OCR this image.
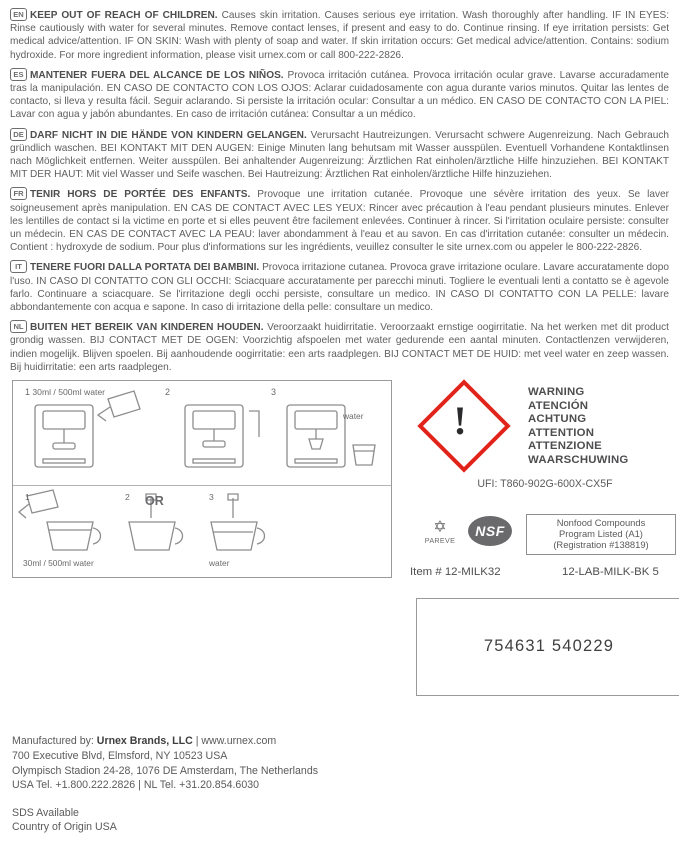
EN KEEP OUT OF REACH OF CHILDREN. Causes skin irritation. Causes serious eye irritation. Wash thoroughly after handling. IF IN EYES: Rinse cautiously with water for several minutes. Remove contact lenses, if present and easy to do. Continue rinsing. If eye irritation persists: Get medical advice/attention. IF ON SKIN: Wash with plenty of soap and water. If skin irritation occurs: Get medical advice/attention. Contains: sodium hydroxide. For more ingredient information, please visit urnex.com or call 800-222-2826.
ES MANTENER FUERA DEL ALCANCE DE LOS NIÑOS. Provoca irritación cutánea. Provoca irritación ocular grave. Lavarse accuradamente tras la manipulación. EN CASO DE CONTACTO CON LOS OJOS: Aclarar cuidadosamente con agua durante varios minutos. Quitar las lentes de contacto, si lleva y resulta fácil. Seguir aclarando. Si persiste la irritación ocular: Consultar a un médico. EN CASO DE CONTACTO CON LA PIEL: Lavar con agua y jabón abundantes. En caso de irritación cutánea: Consultar a un médico.
DE DARF NICHT IN DIE HÄNDE VON KINDERN GELANGEN. Verursacht Hautreizungen. Verursacht schwere Augenreizung. Nach Gebrauch gründlich waschen. BEI KONTAKT MIT DEN AUGEN: Einige Minuten lang behutsam mit Wasser ausspülen. Eventuell Vorhandene Kontaktlinsen nach Möglichkeit entfernen. Weiter ausspülen. Bei anhaltender Augenreizung: Ärztlichen Rat einholen/ärztliche Hilfe hinzuziehen. BEI KONTAKT MIT DER HAUT: Mit viel Wasser und Seife waschen. Bei Hautreizung: Ärztlichen Rat einholen/ärztliche Hilfe hinzuziehen.
FR TENIR HORS DE PORTÉE DES ENFANTS. Provoque une irritation cutanée. Provoque une sévère irritation des yeux. Se laver soigneusement après manipulation. EN CAS DE CONTACT AVEC LES YEUX: Rincer avec précaution à l'eau pendant plusieurs minutes. Enlever les lentilles de contact si la victime en porte et si elles peuvent être facilement enlevées. Continuer à rincer. Si l'irritation oculaire persiste: consulter un médecin. EN CAS DE CONTACT AVEC LA PEAU: laver abondamment à l'eau et au savon. En cas d'irritation cutanée: consulter un médecin. Contient : hydroxyde de sodium. Pour plus d'informations sur les ingrédients, veuillez consulter le site urnex.com ou appeler le 800-222-2826.
IT TENERE FUORI DALLA PORTATA DEI BAMBINI. Provoca irritazione cutanea. Provoca grave irritazione oculare. Lavare accuratamente dopo l'uso. IN CASO DI CONTATTO CON GLI OCCHI: Sciacquare accuratamente per parecchi minuti. Togliere le eventuali lenti a contatto se è agevole farlo. Continuare a sciacquare. Se l'irritazione degli occhi persiste, consultare un medico. IN CASO DI CONTATTO CON LA PELLE: lavare abbondantemente con acqua e sapone. In caso di irritazione della pelle: consultare un medico.
NL BUITEN HET BEREIK VAN KINDEREN HOUDEN. Veroorzaakt huidirritatie. Veroorzaakt ernstige oogirritatie. Na het werken met dit product grondig wassen. BIJ CONTACT MET DE OGEN: Voorzichtig afspoelen met water gedurende een aantal minuten. Contactlenzen verwijderen, indien mogelijk. Blijven spoelen. Bij aanhoudende oogirritatie: een arts raadplegen. BIJ CONTACT MET DE HUID: met veel water en zeep wassen. Bij huidirritatie: een arts raadplegen.
1 30ml / 500ml water	2	3
water
1	2	3
30ml / 500ml water	water
OR
!
WARNING
ATENCIÓN
ACHTUNG
ATTENTION
ATTENZIONE
WAARSCHUWING
UFI: T860-902G-600X-CX5F
✡
PAREVE
NSF
Nonfood Compounds
Program Listed (A1)
(Registration #138819)
Item # 12-MILK32	12-LAB-MILK-BK 5
754631 540229
Manufactured by: Urnex Brands, LLC | www.urnex.com
700 Executive Blvd, Elmsford, NY 10523 USA
Olympisch Stadion 24-28, 1076 DE Amsterdam, The Netherlands
USA Tel. +1.800.222.2826 | NL Tel. +31.20.854.6030
SDS Available
Country of Origin USA
